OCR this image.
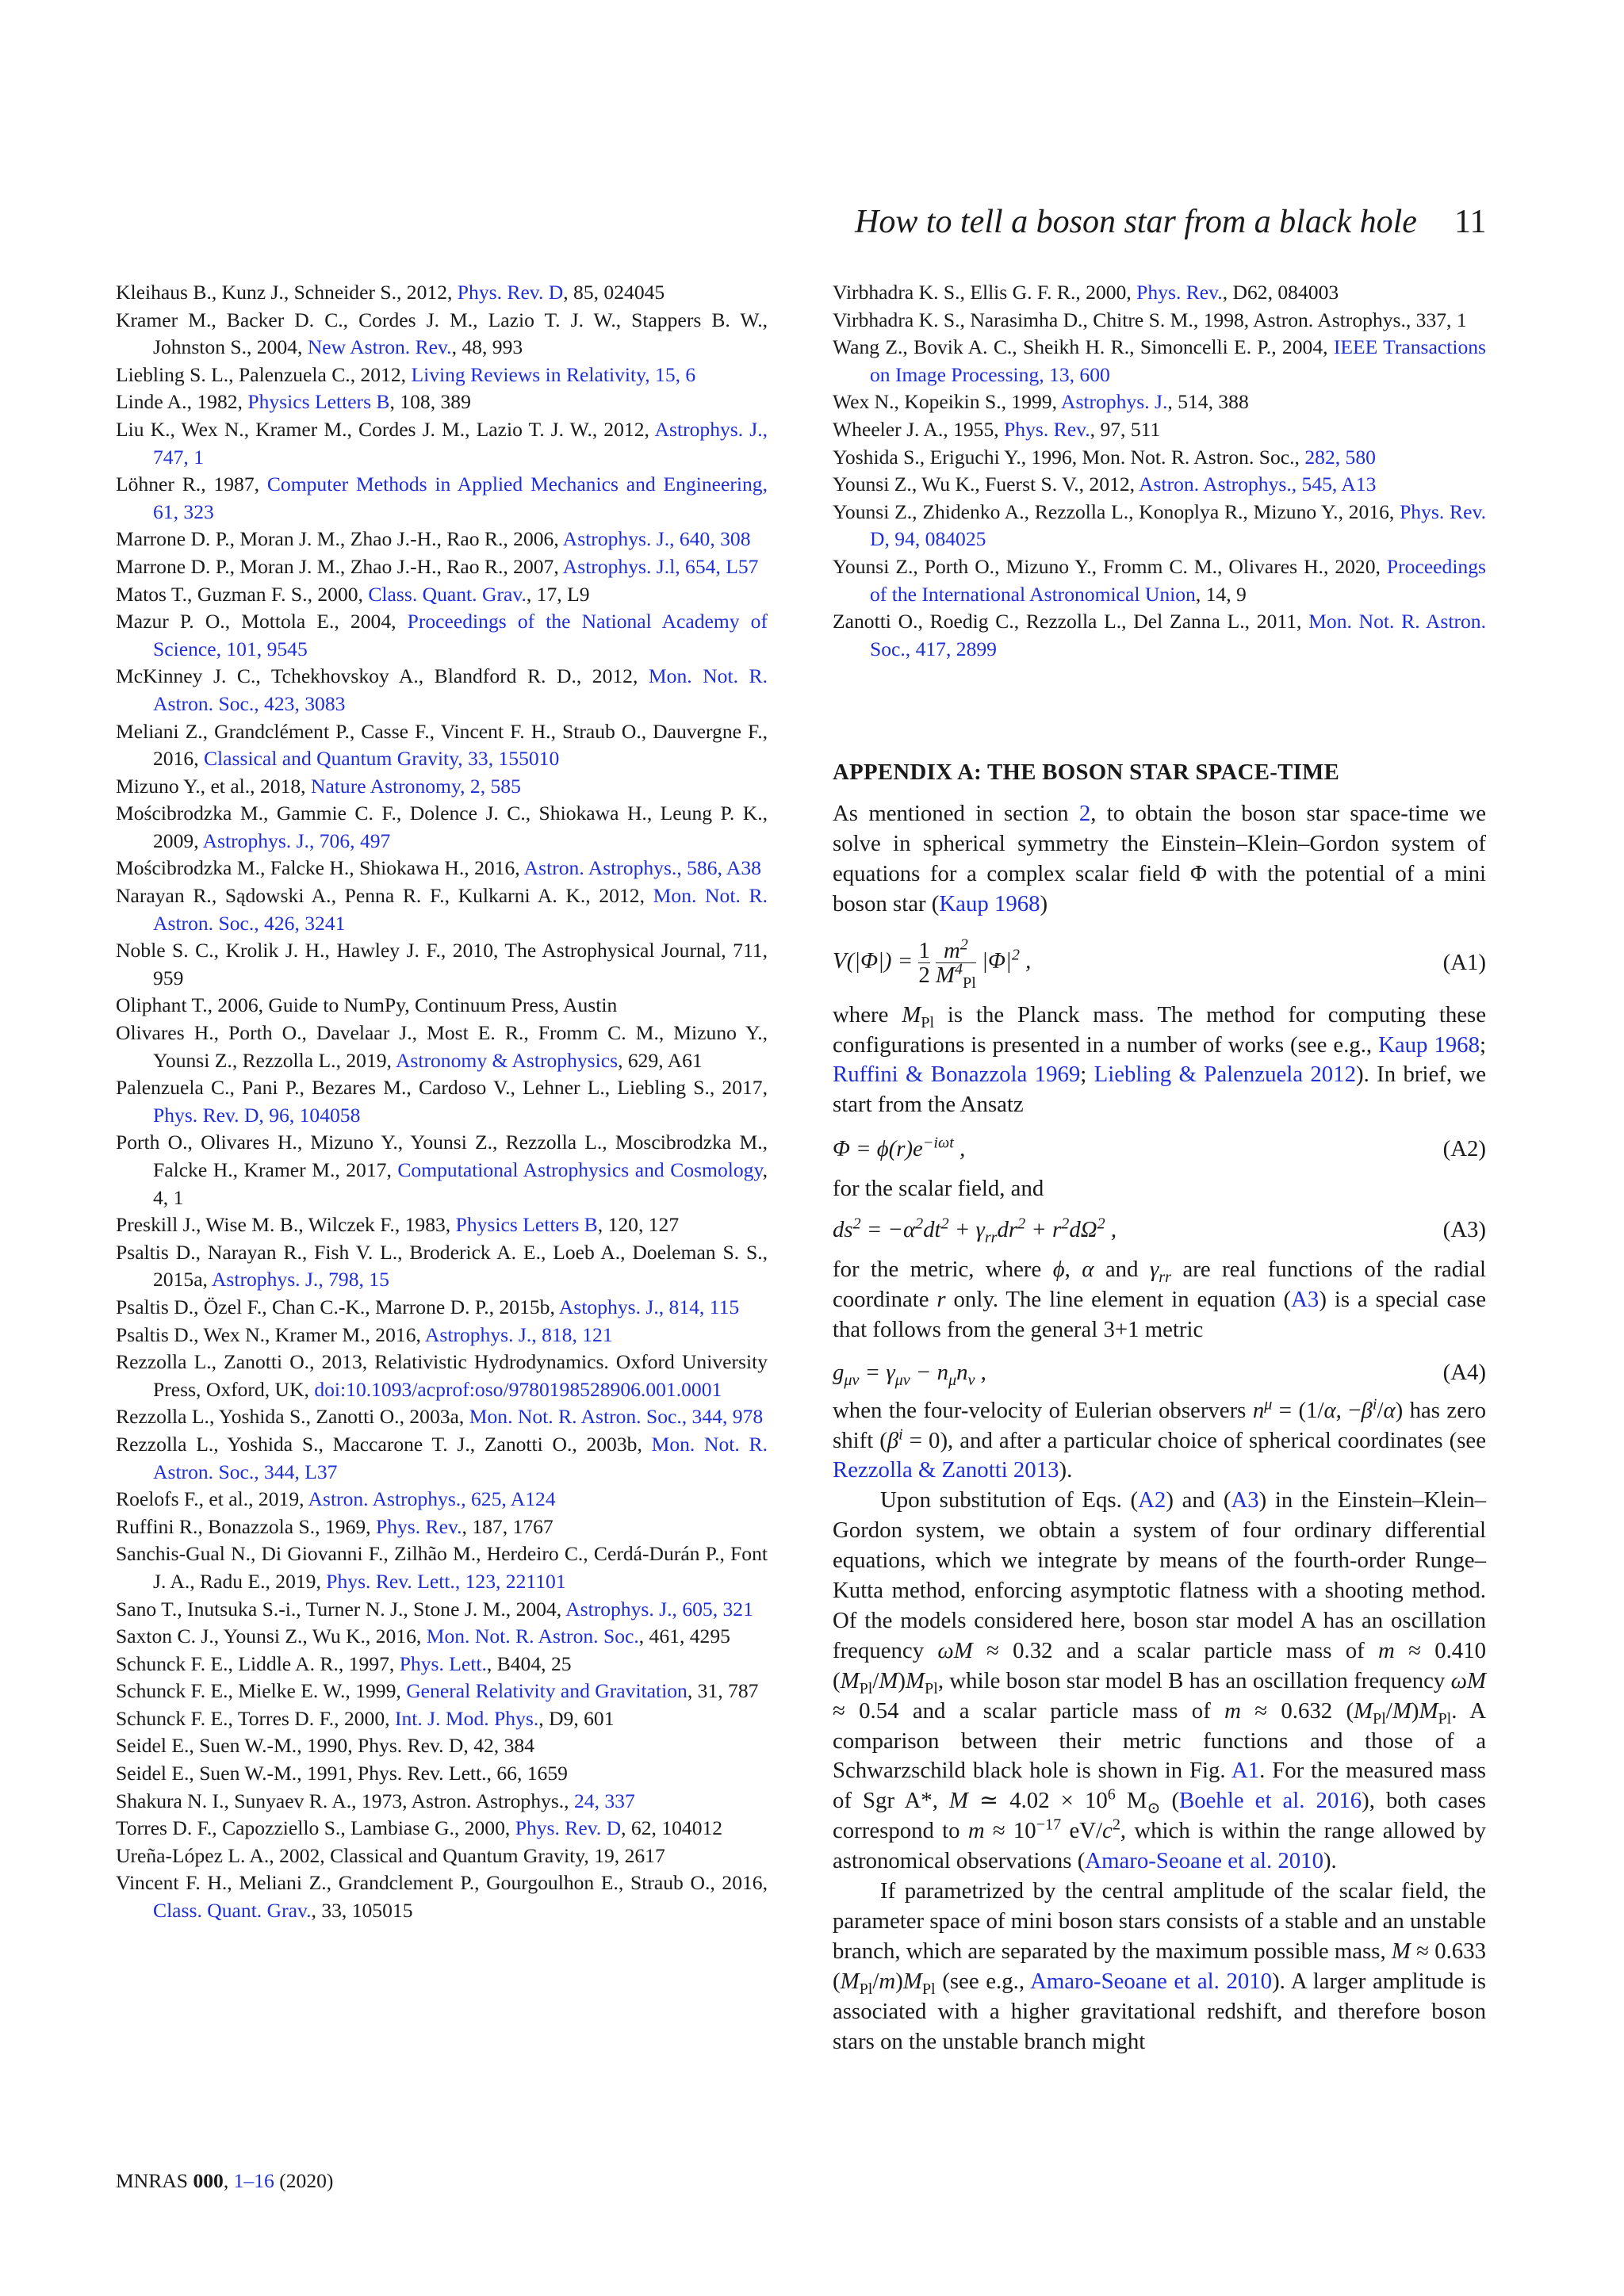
How to tell a boson star from a black hole 11
Kleihaus B., Kunz J., Schneider S., 2012, Phys. Rev. D, 85, 024045
Kramer M., Backer D. C., Cordes J. M., Lazio T. J. W., Stappers B. W., Johnston S., 2004, New Astron. Rev., 48, 993
Liebling S. L., Palenzuela C., 2012, Living Reviews in Relativity, 15, 6
Linde A., 1982, Physics Letters B, 108, 389
Liu K., Wex N., Kramer M., Cordes J. M., Lazio T. J. W., 2012, Astrophys. J., 747, 1
Löhner R., 1987, Computer Methods in Applied Mechanics and Engineering, 61, 323
Marrone D. P., Moran J. M., Zhao J.-H., Rao R., 2006, Astrophys. J., 640, 308
Marrone D. P., Moran J. M., Zhao J.-H., Rao R., 2007, Astrophys. J.l, 654, L57
Matos T., Guzman F. S., 2000, Class. Quant. Grav., 17, L9
Mazur P. O., Mottola E., 2004, Proceedings of the National Academy of Science, 101, 9545
McKinney J. C., Tchekhovskoy A., Blandford R. D., 2012, Mon. Not. R. Astron. Soc., 423, 3083
Meliani Z., Grandclément P., Casse F., Vincent F. H., Straub O., Dauvergne F., 2016, Classical and Quantum Gravity, 33, 155010
Mizuno Y., et al., 2018, Nature Astronomy, 2, 585
Mościbrodzka M., Gammie C. F., Dolence J. C., Shiokawa H., Leung P. K., 2009, Astrophys. J., 706, 497
Mościbrodzka M., Falcke H., Shiokawa H., 2016, Astron. Astrophys., 586, A38
Narayan R., Sądowski A., Penna R. F., Kulkarni A. K., 2012, Mon. Not. R. Astron. Soc., 426, 3241
Noble S. C., Krolik J. H., Hawley J. F., 2010, The Astrophysical Journal, 711, 959
Oliphant T., 2006, Guide to NumPy, Continuum Press, Austin
Olivares H., Porth O., Davelaar J., Most E. R., Fromm C. M., Mizuno Y., Younsi Z., Rezzolla L., 2019, Astronomy & Astrophysics, 629, A61
Palenzuela C., Pani P., Bezares M., Cardoso V., Lehner L., Liebling S., 2017, Phys. Rev. D, 96, 104058
Porth O., Olivares H., Mizuno Y., Younsi Z., Rezzolla L., Moscibrodzka M., Falcke H., Kramer M., 2017, Computational Astrophysics and Cosmology, 4, 1
Preskill J., Wise M. B., Wilczek F., 1983, Physics Letters B, 120, 127
Psaltis D., Narayan R., Fish V. L., Broderick A. E., Loeb A., Doeleman S. S., 2015a, Astrophys. J., 798, 15
Psaltis D., Özel F., Chan C.-K., Marrone D. P., 2015b, Astophys. J., 814, 115
Psaltis D., Wex N., Kramer M., 2016, Astrophys. J., 818, 121
Rezzolla L., Zanotti O., 2013, Relativistic Hydrodynamics. Oxford University Press, Oxford, UK, doi:10.1093/acprof:oso/9780198528906.001.0001
Rezzolla L., Yoshida S., Zanotti O., 2003a, Mon. Not. R. Astron. Soc., 344, 978
Rezzolla L., Yoshida S., Maccarone T. J., Zanotti O., 2003b, Mon. Not. R. Astron. Soc., 344, L37
Roelofs F., et al., 2019, Astron. Astrophys., 625, A124
Ruffini R., Bonazzola S., 1969, Phys. Rev., 187, 1767
Sanchis-Gual N., Di Giovanni F., Zilhão M., Herdeiro C., Cerdá-Durán P., Font J. A., Radu E., 2019, Phys. Rev. Lett., 123, 221101
Sano T., Inutsuka S.-i., Turner N. J., Stone J. M., 2004, Astrophys. J., 605, 321
Saxton C. J., Younsi Z., Wu K., 2016, Mon. Not. R. Astron. Soc., 461, 4295
Schunck F. E., Liddle A. R., 1997, Phys. Lett., B404, 25
Schunck F. E., Mielke E. W., 1999, General Relativity and Gravitation, 31, 787
Schunck F. E., Torres D. F., 2000, Int. J. Mod. Phys., D9, 601
Seidel E., Suen W.-M., 1990, Phys. Rev. D, 42, 384
Seidel E., Suen W.-M., 1991, Phys. Rev. Lett., 66, 1659
Shakura N. I., Sunyaev R. A., 1973, Astron. Astrophys., 24, 337
Torres D. F., Capozziello S., Lambiase G., 2000, Phys. Rev. D, 62, 104012
Ureña-López L. A., 2002, Classical and Quantum Gravity, 19, 2617
Vincent F. H., Meliani Z., Grandclement P., Gourgoulhon E., Straub O., 2016, Class. Quant. Grav., 33, 105015
Virbhadra K. S., Ellis G. F. R., 2000, Phys. Rev., D62, 084003
Virbhadra K. S., Narasimha D., Chitre S. M., 1998, Astron. Astrophys., 337, 1
Wang Z., Bovik A. C., Sheikh H. R., Simoncelli E. P., 2004, IEEE Transactions on Image Processing, 13, 600
Wex N., Kopeikin S., 1999, Astrophys. J., 514, 388
Wheeler J. A., 1955, Phys. Rev., 97, 511
Yoshida S., Eriguchi Y., 1996, Mon. Not. R. Astron. Soc., 282, 580
Younsi Z., Wu K., Fuerst S. V., 2012, Astron. Astrophys., 545, A13
Younsi Z., Zhidenko A., Rezzolla L., Konoplya R., Mizuno Y., 2016, Phys. Rev. D, 94, 084025
Younsi Z., Porth O., Mizuno Y., Fromm C. M., Olivares H., 2020, Proceedings of the International Astronomical Union, 14, 9
Zanotti O., Roedig C., Rezzolla L., Del Zanna L., 2011, Mon. Not. R. Astron. Soc., 417, 2899
APPENDIX A: THE BOSON STAR SPACE-TIME
As mentioned in section 2, to obtain the boson star space-time we solve in spherical symmetry the Einstein–Klein–Gordon system of equations for a complex scalar field Φ with the potential of a mini boson star (Kaup 1968)
$V(|\Phi|) = \frac{1}{2}$
$\frac{m^2}{M^4_{Pl}} |\Phi|^2$ ,	(A1)
where $M_{Pl}$ is the Planck mass. The method for computing these configurations is presented in a number of works (see e.g., Kaup 1968; Ruffini & Bonazzola 1969; Liebling & Palenzuela 2012). In brief, we start from the Ansatz
$\Phi = \phi(r)e^{-i\omega t}$ ,	(A2)
for the scalar field, and
$ds^2 = -\alpha^2dt^2 + \gamma_{rr}dr^2 + r^2d\Omega^2$ ,	(A3)
for the metric, where ϕ, α and $\gamma_{rr}$ are real functions of the radial coordinate r only. The line element in equation (A3) is a special case that follows from the general 3+1 metric
$g_{\mu\nu} = \gamma_{\mu\nu} - n_\mu n_\nu$ ,	(A4)
when the four-velocity of Eulerian observers $n^\mu = (1/\alpha$, $-\beta^i/\alpha$) has zero shift $(\beta^i = 0)$, and after a particular choice of spherical coordinates (see Rezzolla & Zanotti 2013).
Upon substitution of Eqs. (A2) and (A3) in the Einstein–Klein–Gordon system, we obtain a system of four ordinary differential equations, which we integrate by means of the fourth-order Runge–Kutta method, enforcing asymptotic flatness with a shooting method. Of the models considered here, boson star model A has an oscillation frequency ωM ≈ 0.32 and a scalar particle mass of m ≈ 0.410 $(M_{Pl}/M)M_{Pl}$, while boson star model B has an oscillation frequency ωM ≈ 0.54 and a scalar particle mass of m ≈ 0.632 $(M_{Pl}/M)M_{Pl}$. A comparison between their metric functions and those of a Schwarzschild black hole is shown in Fig. A1. For the measured mass of Sgr A*, M ≃ $4.02 \times 10^6$ $M_⊙$ (Boehle et al. 2016), both cases correspond to $m \approx 10^{-17}$ $eV/c^2$, which is within the range allowed by astronomical observations (Amaro-Seoane et al. 2010).
If parametrized by the central amplitude of the scalar field, the parameter space of mini boson stars consists of a stable and an unstable branch, which are separated by the maximum possible mass, M ≈ 0.633 $(M_{Pl}/m)M_{Pl}$ (see e.g., Amaro-Seoane et al. 2010). A larger amplitude is associated with a higher gravitational redshift, and therefore boson stars on the unstable branch might
MNRAS 000, 1–16 (2020)
